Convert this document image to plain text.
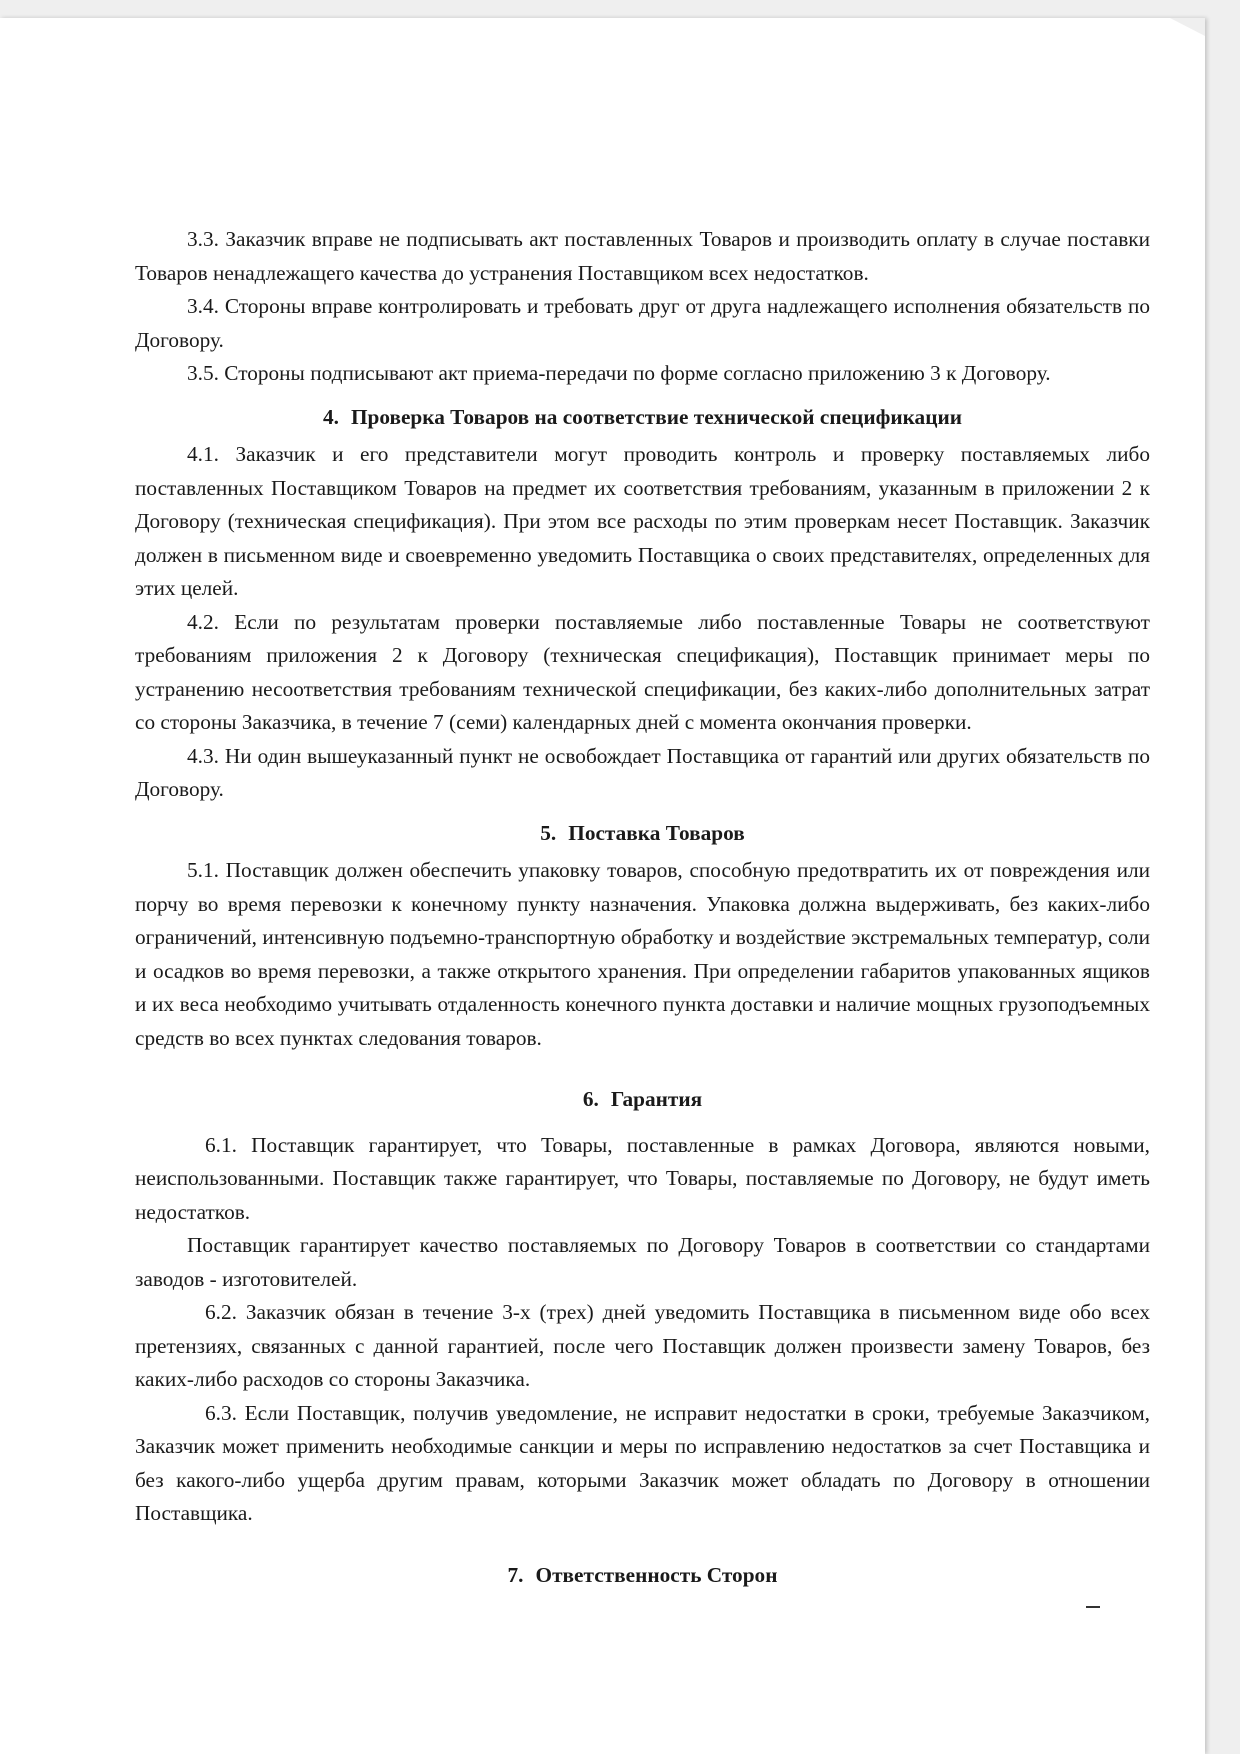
3.3. Заказчик вправе не подписывать акт поставленных Товаров и производить оплату в случае поставки Товаров ненадлежащего качества до устранения Поставщиком всех недостатков.

3.4. Стороны вправе контролировать и требовать друг от друга надлежащего исполнения обязательств по Договору.

3.5. Стороны подписывают акт приема-передачи по форме согласно приложению 3 к Договору.

4. Проверка Товаров на соответствие технической спецификации

4.1. Заказчик и его представители могут проводить контроль и проверку поставляемых либо поставленных Поставщиком Товаров на предмет их соответствия требованиям, указанным в приложении 2 к Договору (техническая спецификация). При этом все расходы по этим проверкам несет Поставщик. Заказчик должен в письменном виде и своевременно уведомить Поставщика о своих представителях, определенных для этих целей.

4.2. Если по результатам проверки поставляемые либо поставленные Товары не соответствуют требованиям приложения 2 к Договору (техническая спецификация), Поставщик принимает меры по устранению несоответствия требованиям технической спецификации, без каких-либо дополнительных затрат со стороны Заказчика, в течение 7 (семи) календарных дней с момента окончания проверки.

4.3. Ни один вышеуказанный пункт не освобождает Поставщика от гарантий или других обязательств по Договору.

5. Поставка Товаров

5.1. Поставщик должен обеспечить упаковку товаров, способную предотвратить их от повреждения или порчу во время перевозки к конечному пункту назначения. Упаковка должна выдерживать, без каких-либо ограничений, интенсивную подъемно-транспортную обработку и воздействие экстремальных температур, соли и осадков во время перевозки, а также открытого хранения. При определении габаритов упакованных ящиков и их веса необходимо учитывать отдаленность конечного пункта доставки и наличие мощных грузоподъемных средств во всех пунктах следования товаров.

6. Гарантия

6.1. Поставщик гарантирует, что Товары, поставленные в рамках Договора, являются новыми, неиспользованными. Поставщик также гарантирует, что Товары, поставляемые по Договору, не будут иметь недостатков.

Поставщик гарантирует качество поставляемых по Договору Товаров в соответствии со стандартами заводов - изготовителей.

6.2. Заказчик обязан в течение 3-х (трех) дней уведомить Поставщика в письменном виде обо всех претензиях, связанных с данной гарантией, после чего Поставщик должен произвести замену Товаров, без каких-либо расходов со стороны Заказчика.

6.3. Если Поставщик, получив уведомление, не исправит недостатки в сроки, требуемые Заказчиком, Заказчик может применить необходимые санкции и меры по исправлению недостатков за счет Поставщика и без какого-либо ущерба другим правам, которыми Заказчик может обладать по Договору в отношении Поставщика.

7. Ответственность Сторон
